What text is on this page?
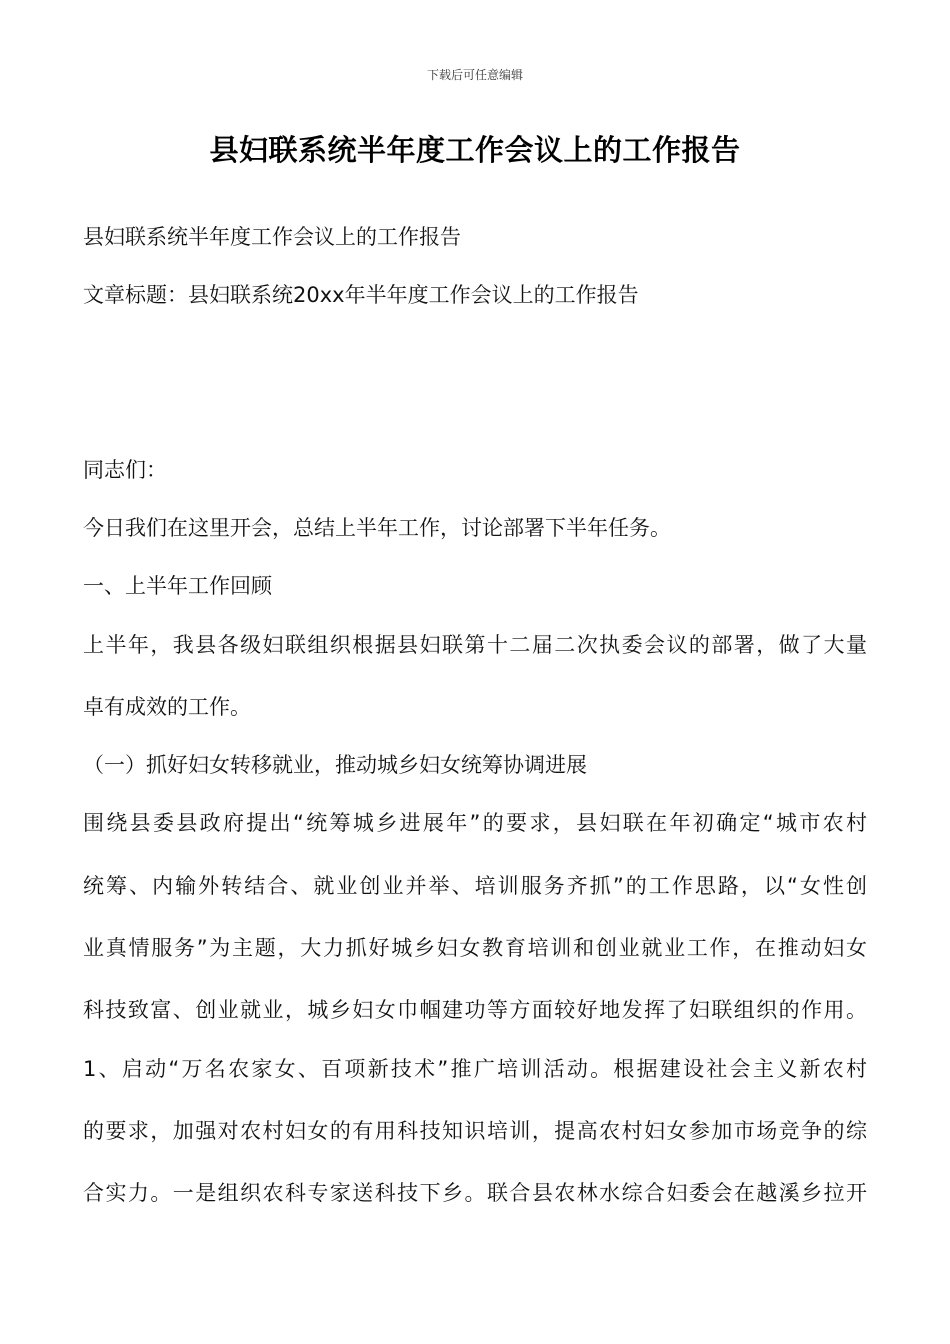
下载后可任意编辑
县妇联系统半年度工作会议上的工作报告
县妇联系统半年度工作会议上的工作报告
文章标题：县妇联系统20xx年半年度工作会议上的工作报告
同志们：
今日我们在这里开会，总结上半年工作，讨论部署下半年任务。
一、上半年工作回顾
上半年，我县各级妇联组织根据县妇联第十二届二次执委会议的部署，做了大量
卓有成效的工作。
（一）抓好妇女转移就业，推动城乡妇女统筹协调进展
围绕县委县政府提出“统筹城乡进展年”的要求，县妇联在年初确定“城市农村
统筹、内输外转结合、就业创业并举、培训服务齐抓”的工作思路，以“女性创
业真情服务”为主题，大力抓好城乡妇女教育培训和创业就业工作，在推动妇女
科技致富、创业就业，城乡妇女巾帼建功等方面较好地发挥了妇联组织的作用。
1、启动“万名农家女、百项新技术”推广培训活动。根据建设社会主义新农村
的要求，加强对农村妇女的有用科技知识培训，提高农村妇女参加市场竞争的综
合实力。一是组织农科专家送科技下乡。联合县农林水综合妇委会在越溪乡拉开
